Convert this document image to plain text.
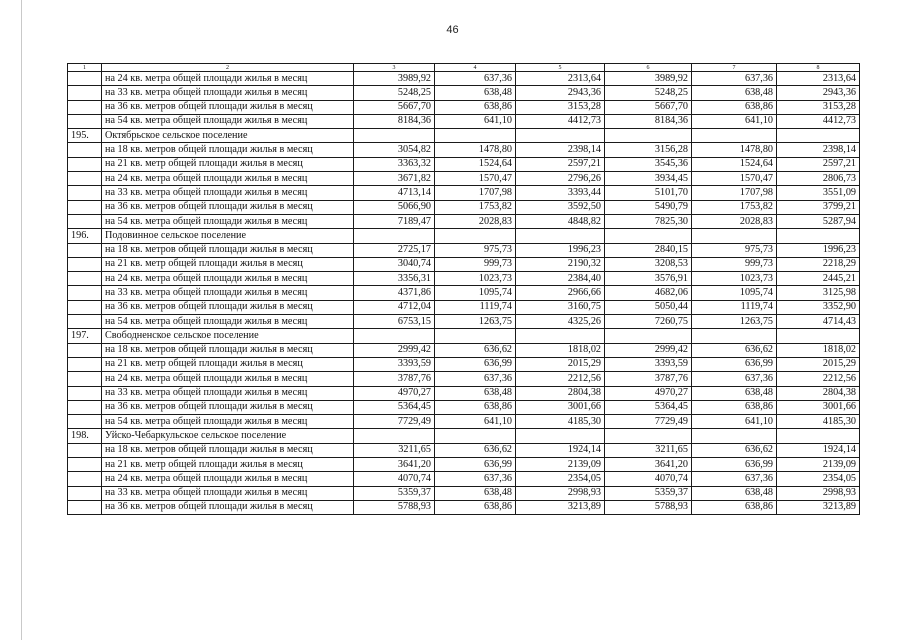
46
1	2	3	4	5	6	7	8
	на 24 кв. метра общей площади жилья в месяц	3989,92	637,36	2313,64	3989,92	637,36	2313,64
	на 33 кв. метра общей площади жилья в месяц	5248,25	638,48	2943,36	5248,25	638,48	2943,36
	на 36 кв. метров общей площади жилья в месяц	5667,70	638,86	3153,28	5667,70	638,86	3153,28
	на 54 кв. метра общей площади жилья в месяц	8184,36	641,10	4412,73	8184,36	641,10	4412,73
195.	Октябрьское сельское поселение						
	на 18 кв. метров общей площади жилья в месяц	3054,82	1478,80	2398,14	3156,28	1478,80	2398,14
	на 21 кв. метр общей площади жилья в месяц	3363,32	1524,64	2597,21	3545,36	1524,64	2597,21
	на 24 кв. метра общей площади жилья в месяц	3671,82	1570,47	2796,26	3934,45	1570,47	2806,73
	на 33 кв. метра общей площади жилья в месяц	4713,14	1707,98	3393,44	5101,70	1707,98	3551,09
	на 36 кв. метров общей площади жилья в месяц	5066,90	1753,82	3592,50	5490,79	1753,82	3799,21
	на 54 кв. метра общей площади жилья в месяц	7189,47	2028,83	4848,82	7825,30	2028,83	5287,94
196.	Подовинное сельское поселение						
	на 18 кв. метров общей площади жилья в месяц	2725,17	975,73	1996,23	2840,15	975,73	1996,23
	на 21 кв. метр общей площади жилья в месяц	3040,74	999,73	2190,32	3208,53	999,73	2218,29
	на 24 кв. метра общей площади жилья в месяц	3356,31	1023,73	2384,40	3576,91	1023,73	2445,21
	на 33 кв. метра общей площади жилья в месяц	4371,86	1095,74	2966,66	4682,06	1095,74	3125,98
	на 36 кв. метров общей площади жилья в месяц	4712,04	1119,74	3160,75	5050,44	1119,74	3352,90
	на 54 кв. метра общей площади жилья в месяц	6753,15	1263,75	4325,26	7260,75	1263,75	4714,43
197.	Свободненское сельское поселение						
	на 18 кв. метров общей площади жилья в месяц	2999,42	636,62	1818,02	2999,42	636,62	1818,02
	на 21 кв. метр общей площади жилья в месяц	3393,59	636,99	2015,29	3393,59	636,99	2015,29
	на 24 кв. метра общей площади жилья в месяц	3787,76	637,36	2212,56	3787,76	637,36	2212,56
	на 33 кв. метра общей площади жилья в месяц	4970,27	638,48	2804,38	4970,27	638,48	2804,38
	на 36 кв. метров общей площади жилья в месяц	5364,45	638,86	3001,66	5364,45	638,86	3001,66
	на 54 кв. метра общей площади жилья в месяц	7729,49	641,10	4185,30	7729,49	641,10	4185,30
198.	Уйско-Чебаркульское сельское поселение						
	на 18 кв. метров общей площади жилья в месяц	3211,65	636,62	1924,14	3211,65	636,62	1924,14
	на 21 кв. метр общей площади жилья в месяц	3641,20	636,99	2139,09	3641,20	636,99	2139,09
	на 24 кв. метра общей площади жилья в месяц	4070,74	637,36	2354,05	4070,74	637,36	2354,05
	на 33 кв. метра общей площади жилья в месяц	5359,37	638,48	2998,93	5359,37	638,48	2998,93
	на 36 кв. метров общей площади жилья в месяц	5788,93	638,86	3213,89	5788,93	638,86	3213,89
